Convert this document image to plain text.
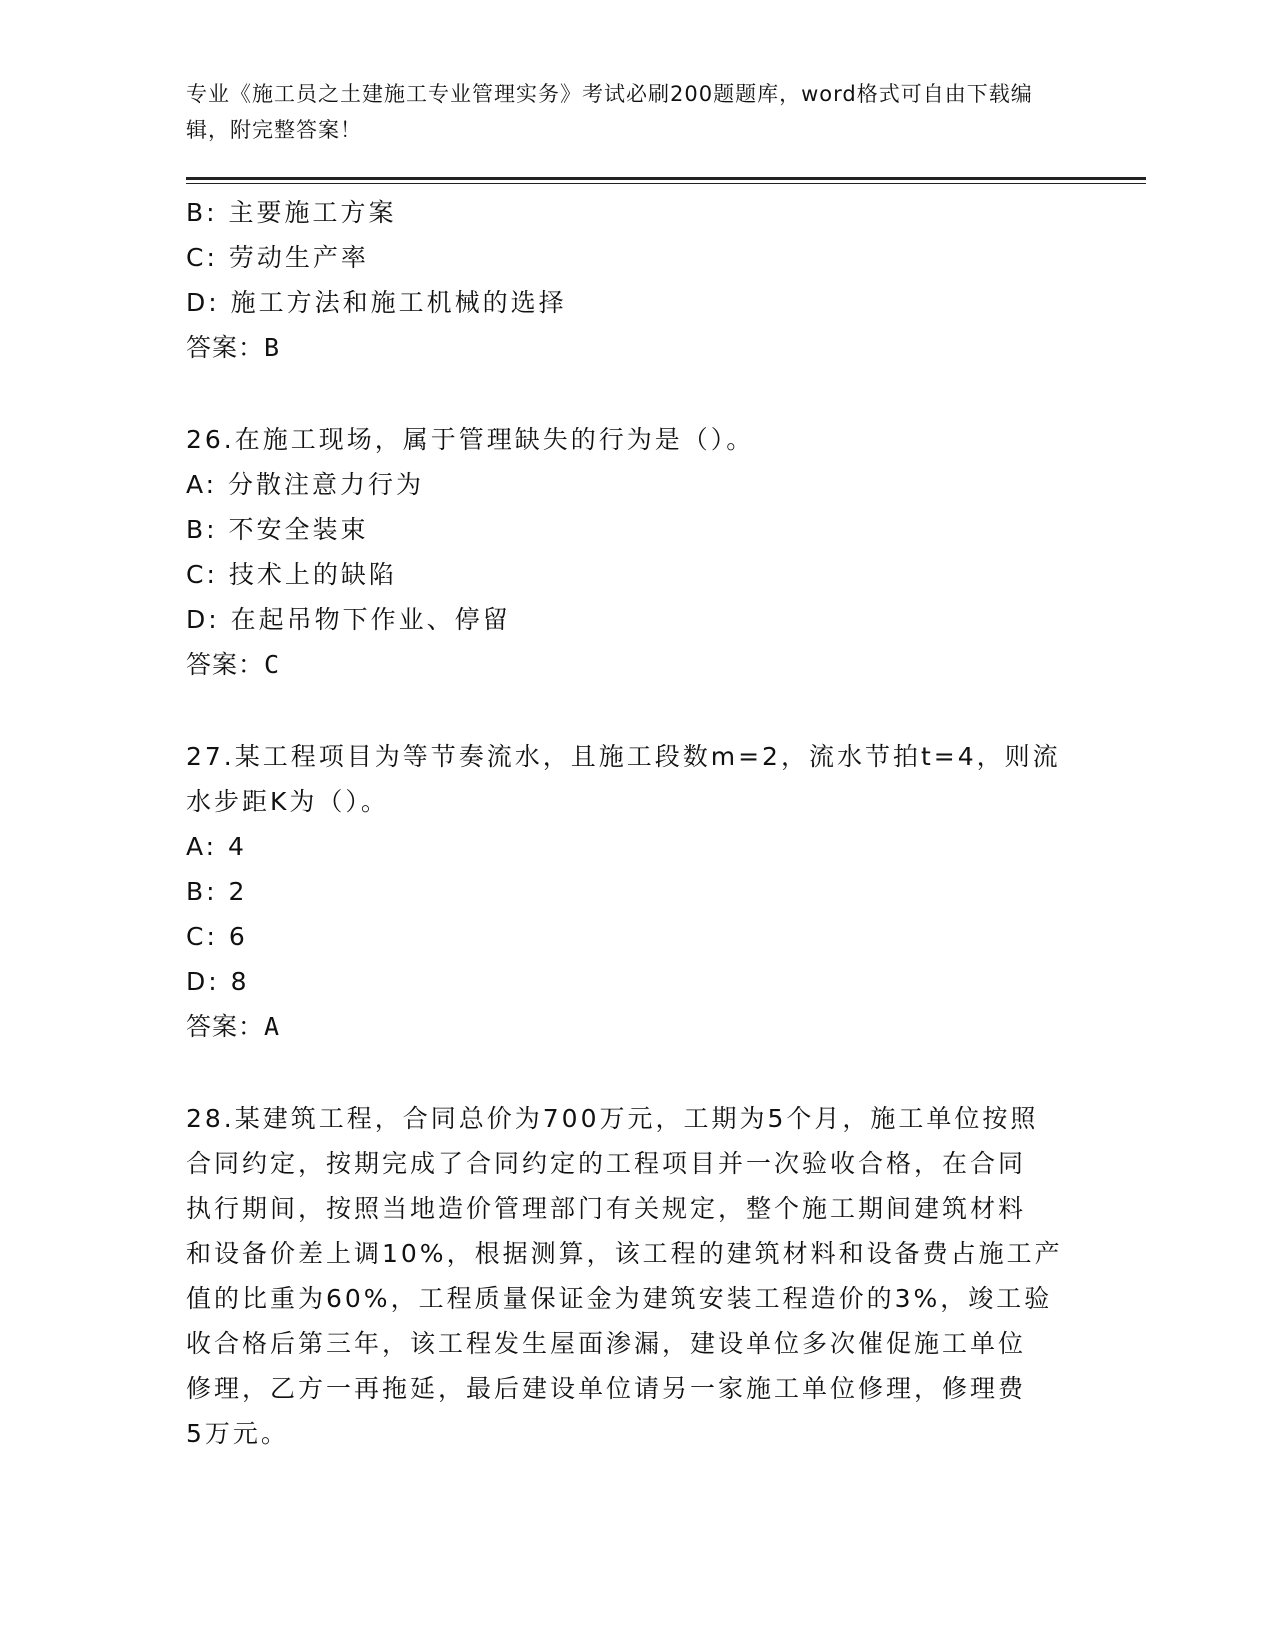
专业《施工员之土建施工专业管理实务》考试必刷200题题库，word格式可自由下载编辑，附完整答案！
B: 主要施工方案
C: 劳动生产率
D: 施工方法和施工机械的选择
答案：B
26.在施工现场，属于管理缺失的行为是（）。
A: 分散注意力行为
B: 不安全装束
C: 技术上的缺陷
D: 在起吊物下作业、停留
答案：C
27.某工程项目为等节奏流水，且施工段数m=2，流水节拍t=4，则流
水步距K为（）。
A: 4
B: 2
C: 6
D: 8
答案：A
28.某建筑工程，合同总价为700万元，工期为5个月，施工单位按照
合同约定，按期完成了合同约定的工程项目并一次验收合格，在合同
执行期间，按照当地造价管理部门有关规定，整个施工期间建筑材料
和设备价差上调10%，根据测算，该工程的建筑材料和设备费占施工产
值的比重为60%，工程质量保证金为建筑安装工程造价的3%，竣工验
收合格后第三年，该工程发生屋面渗漏，建设单位多次催促施工单位
修理，乙方一再拖延，最后建设单位请另一家施工单位修理，修理费
5万元。
